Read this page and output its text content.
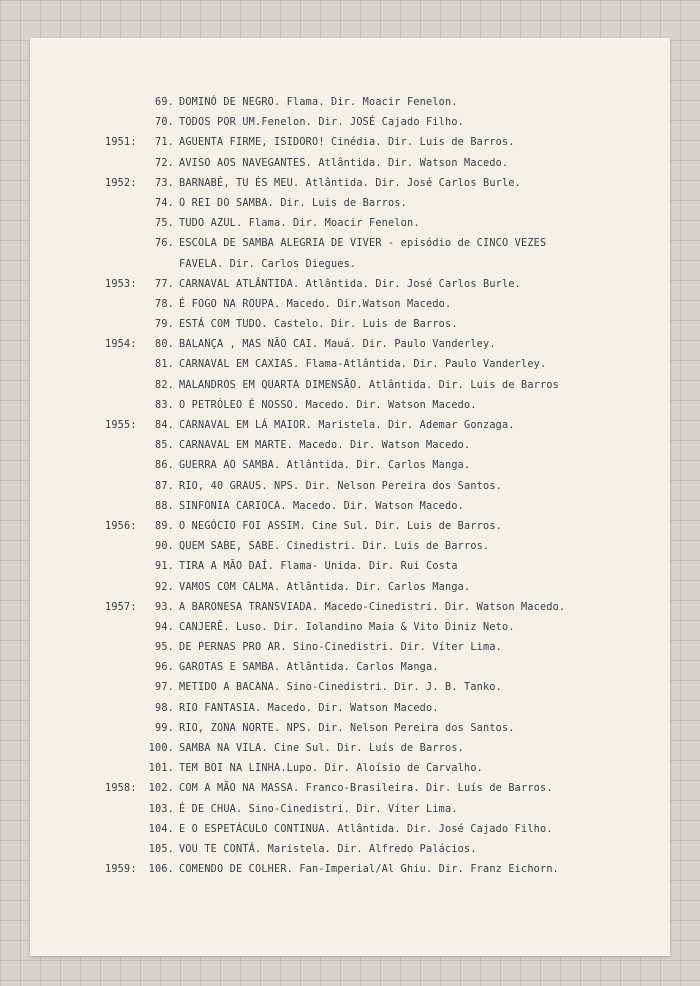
69. DOMINÓ DE NEGRO. Flama. Dir. Moacir Fenelon.
70. TODOS POR UM.Fenelon. Dir. JOSÉ Cajado Filho.
1951:	71. AGUENTA FIRME, ISIDORO! Cinédia. Dir. Luis de Barros.
72. AVISO AOS NAVEGANTES. Atlântida. Dir. Watson Macedo.
1952:	73. BARNABÉ, TU ÉS MEU. Atlântida. Dir. José Carlos Burle.
74. O REI DO SAMBA. Dir. Luis de Barros.
75. TUDO AZUL. Flama. Dir. Moacir Fenelon.
76. ESCOLA DE SAMBA ALEGRIA DE VIVER - episódio de CINCO VEZES
FAVELA. Dir. Carlos Diegues.
1953:	77. CARNAVAL ATLÂNTIDA. Atlântida. Dir. José Carlos Burle.
78. É FOGO NA ROUPA. Macedo. Dir.Watson Macedo.
79. ESTÁ COM TUDO. Castelo. Dir. Luis de Barros.
1954:	80. BALANÇA , MAS NÃO CAI. Mauá. Dir. Paulo Vanderley.
81. CARNAVAL EM CAXIAS. Flama-Atlântida. Dir. Paulo Vanderley.
82. MALANDROS EM QUARTA DIMENSÃO. Atlântida. Dir. Luis de Barros
83. O PETRÓLEO É NOSSO. Macedo. Dir. Watson Macedo.
1955:	84. CARNAVAL EM LÁ MAIOR. Maristela. Dir. Ademar Gonzaga.
85. CARNAVAL EM MARTE. Macedo. Dir. Watson Macedo.
86. GUERRA AO SAMBA. Atlântida. Dir. Carlos Manga.
87. RIO, 40 GRAUS. NPS. Dir. Nelson Pereira dos Santos.
88. SINFONIA CARIOCA. Macedo. Dir. Watson Macedo.
1956:	89. O NEGÓCIO FOI ASSIM. Cine Sul. Dir. Luis de Barros.
90. QUEM SABE, SABE. Cinedistri. Dir. Luis de Barros.
91. TIRA A MÃO DAÍ. Flama- Unida. Dir. Rui Costa
92. VAMOS COM CALMA. Atlântida. Dir. Carlos Manga.
1957:	93. A BARONESA TRANSVIADA. Macedo-Cinedistri. Dir. Watson Macedo.
94. CANJERÊ. Luso. Dir. Iolandino Maia & Vito Diniz Neto.
95. DE PERNAS PRO AR. Sino-Cinedistri. Dir. Víter Lima.
96. GAROTAS E SAMBA. Atlântida. Carlos Manga.
97. METIDO A BACANA. Sino-Cinedistri. Dir. J. B. Tanko.
98. RIO FANTASIA. Macedo. Dir. Watson Macedo.
99. RIO, ZONA NORTE. NPS. Dir. Nelson Pereira dos Santos.
100. SAMBA NA VILA. Cine Sul. Dir. Luís de Barros.
101. TEM BOI NA LINHA.Lupo. Dir. Aloísio de Carvalho.
1958:	102. COM A MÃO NA MASSA. Franco-Brasileira. Dir. Luís de Barros.
103. É DE CHUA. Sino-Cinedistri. Dir. Víter Lima.
104. E O ESPETÁCULO CONTINUA. Atlântida. Dir. José Cajado Filho.
105. VOU TE CONTÁ. Maristela. Dir. Alfredo Palácios.
1959:	106. COMENDO DE COLHER. Fan-Imperial/Al Ghiu. Dir. Franz Eichorn.
